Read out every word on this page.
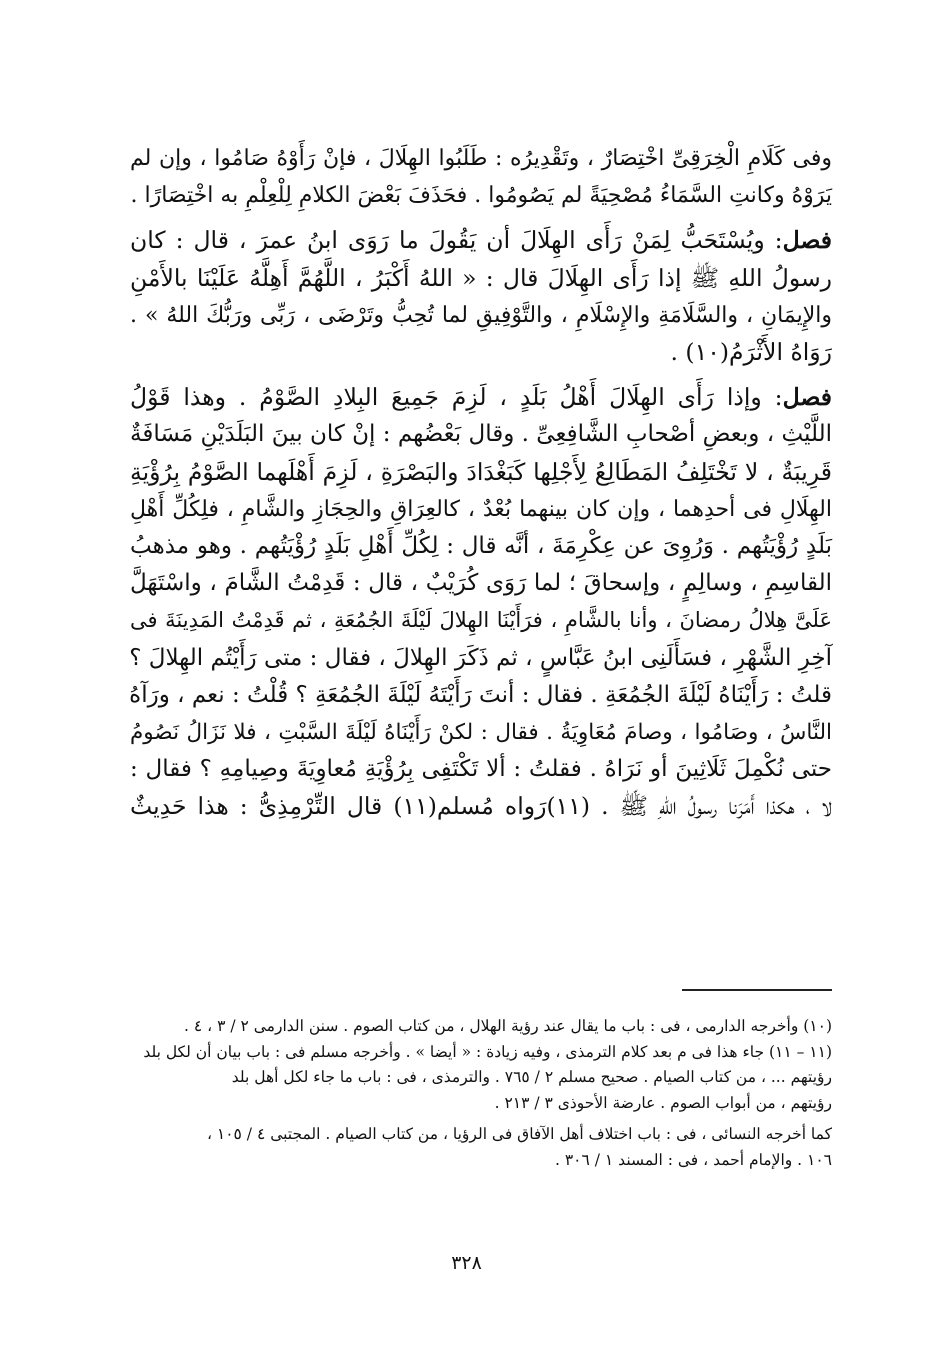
وفى كَلَامِ الْخِرَقِىِّ اخْتِصَارٌ ، وتَقْدِيرُه : طَلَبُوا الهِلَالَ ، فإنْ رَأَوْهُ صَامُوا ، وإن لم
يَرَوْهُ وكانتِ السَّمَاءُ مُصْحِيَةً لم يَصُومُوا . فحَذَفَ بَعْضَ الكلامِ لِلْعِلْمِ به اخْتِصَارًا .
فصل: ويُسْتَحَبُّ لِمَنْ رَأَى الهِلَالَ أن يَقُولَ ما رَوَى ابنُ عمرَ ، قال : كان
رسولُ اللهِ ﷺ إذا رَأَى الهِلَالَ قال : « اللهُ أَكْبَرُ ، اللَّهُمَّ أَهِلَّهُ عَلَيْنَا بالأَمْنِ
والإِيمَانِ ، والسَّلَامَةِ والإِسْلَامِ ، والتَّوْفِيقِ لما تُحِبُّ وتَرْضَى ، رَبِّى ورَبُّكَ اللهُ » .
رَوَاهُ الأَثْرَمُ(١٠) .
فصل: وإذا رَأَى الهِلَالَ أَهْلُ بَلَدٍ ، لَزِمَ جَمِيعَ البِلادِ الصَّوْمُ . وهذا قَوْلُ
اللَّيْثِ ، وبعضِ أصْحابِ الشَّافِعِىِّ . وقال بَعْضُهم : إنْ كان بينَ البَلَدَيْنِ مَسَافَةٌ
قَرِيبَةٌ ، لا تَخْتَلِفُ المَطَالِعُ لِأَجْلِها كَبَغْدَادَ والبَصْرَةِ ، لَزِمَ أَهْلَهما الصَّوْمُ بِرُؤْيَةِ
الهِلَالِ فى أحدِهما ، وإن كان بينهما بُعْدٌ ، كالعِرَاقِ والحِجَازِ والشَّامِ ، فلِكُلِّ أَهْلِ
بَلَدٍ رُؤْيَتُهم . وَرُوِىَ عن عِكْرِمَةَ ، أنَّه قال : لِكُلِّ أَهْلِ بَلَدٍ رُؤْيَتُهم . وهو مذهبُ
القاسِمِ ، وسالِمٍ ، وإسحاقَ ؛ لما رَوَى كُرَيْبٌ ، قال : قَدِمْتُ الشَّامَ ، واسْتَهَلَّ
عَلَىَّ هِلالُ رمضانَ ، وأنا بالشَّامِ ، فرَأَيْنَا الهِلالَ لَيْلَةَ الجُمُعَةِ ، ثم قَدِمْتُ المَدِينَةَ فى
آخِرِ الشَّهْرِ ، فسَأَلَنِى ابنُ عَبَّاسٍ ، ثم ذَكَرَ الهِلالَ ، فقال : متى رَأَيْتُم الهِلالَ ؟
قلتُ : رَأَيْنَاهُ لَيْلَةَ الجُمُعَةِ . فقال : أنتَ رَأَيْتَهُ لَيْلَةَ الجُمُعَةِ ؟ قُلْتُ : نعم ، ورَآهُ
النَّاسُ ، وصَامُوا ، وصامَ مُعَاوِيَةُ . فقال : لكنْ رَأَيْنَاهُ لَيْلَةَ السَّبْتِ ، فلا نَزَالُ نَصُومُ
حتى نُكْمِلَ ثَلَاثِينَ أو نَرَاهُ . فقلتُ : ألا تَكْتَفِى بِرُؤْيَةِ مُعاوِيَةَ وصِيامِهِ ؟ فقال :
لا ، هكذا أَمَرَنا رسولُ اللهِ ﷺ . (١١)رَواه مُسلم(١١) قال التِّرْمِذِىُّ : هذا حَدِيثٌ
(١٠) وأخرجه الدارمى ، فى : باب ما يقال عند رؤية الهلال ، من كتاب الصوم . سنن الدارمى ٢ / ٣ ، ٤ .
(١١ – ١١) جاء هذا فى م بعد كلام الترمذى ، وفيه زيادة : « أيضا » . وأخرجه مسلم فى : باب بيان أن لكل بلد
رؤيتهم ... ، من كتاب الصيام . صحيح مسلم ٢ / ٧٦٥ . والترمذى ، فى : باب ما جاء لكل أهل بلد
رؤيتهم ، من أبواب الصوم . عارضة الأحوذى ٣ / ٢١٣ .
كما أخرجه النسائى ، فى : باب اختلاف أهل الآفاق فى الرؤيا ، من كتاب الصيام . المجتبى ٤ / ١٠٥ ،
١٠٦ . والإمام أحمد ، فى : المسند ١ / ٣٠٦ .
٣٢٨
